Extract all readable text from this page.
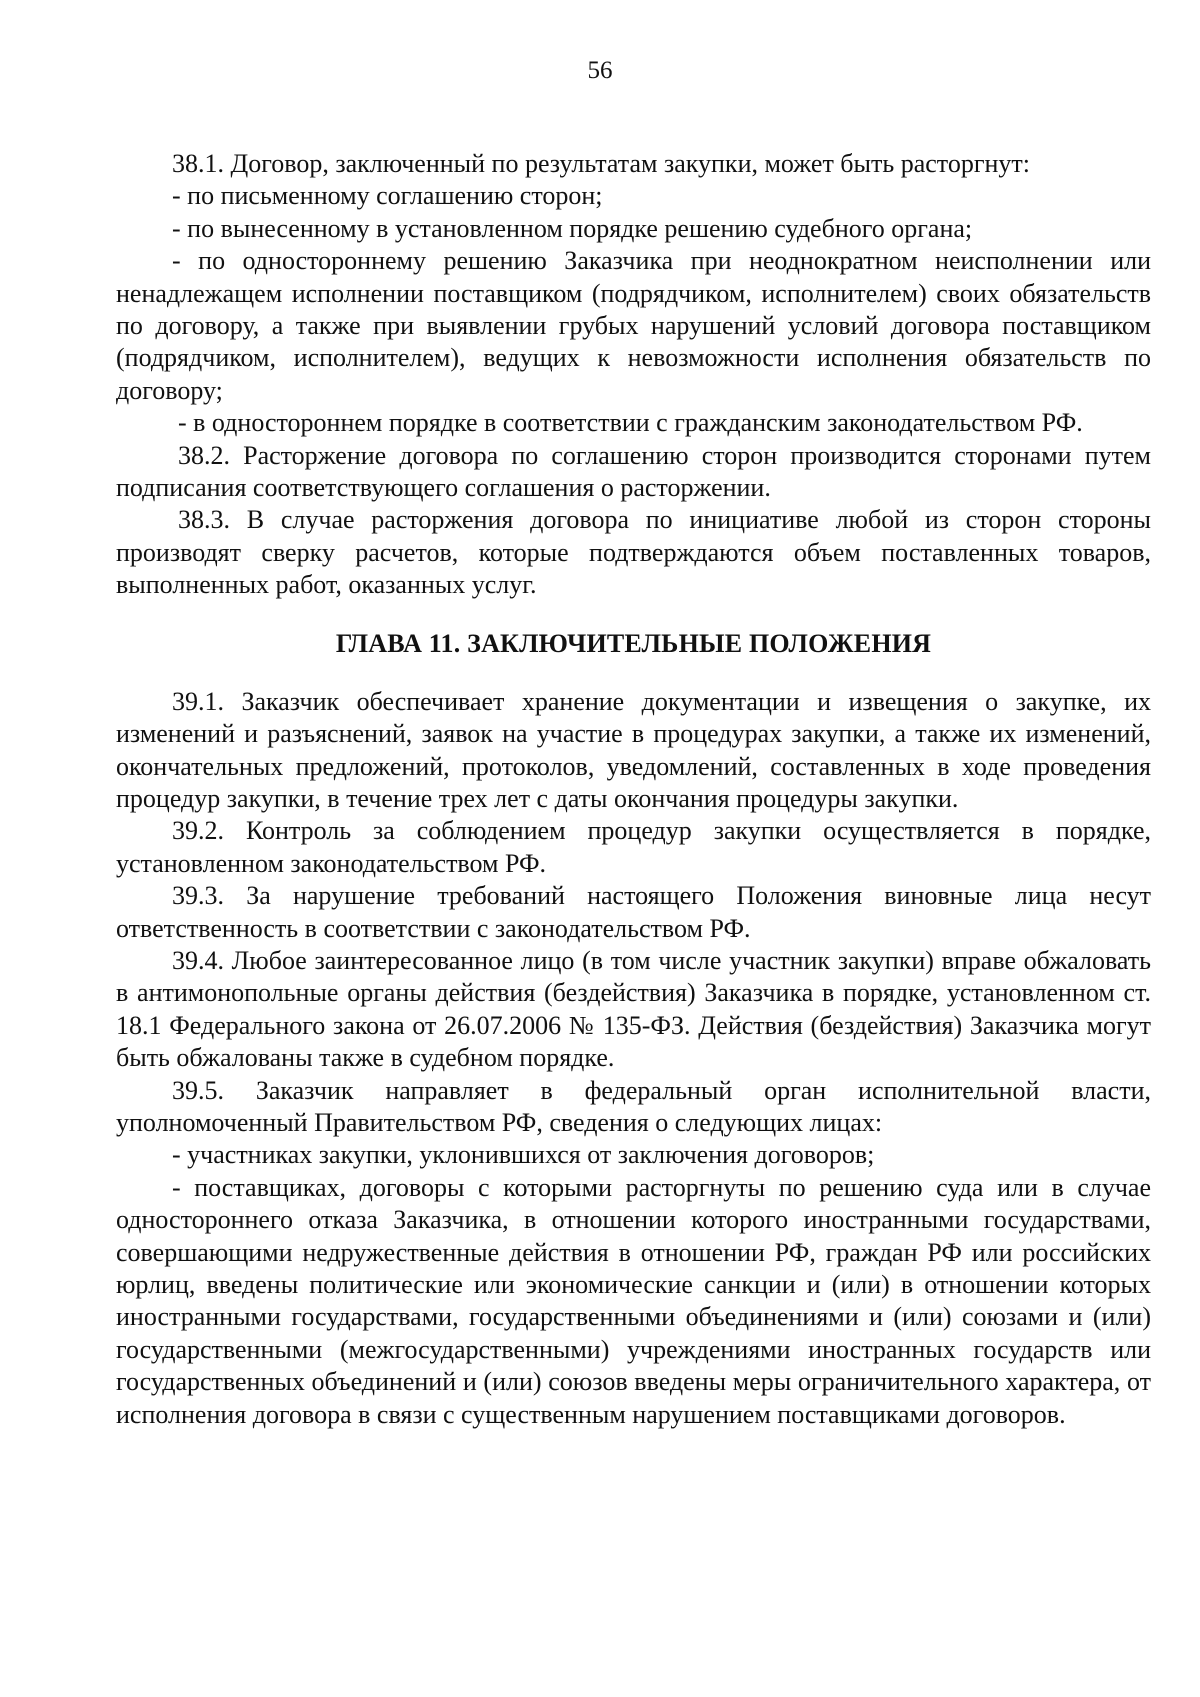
56

38.1. Договор, заключенный по результатам закупки, может быть расторгнут:

- по письменному соглашению сторон;

- по вынесенному в установленном порядке решению судебного органа;

- по одностороннему решению Заказчика при неоднократном неисполнении или ненадлежащем исполнении поставщиком (подрядчиком, исполнителем) своих обязательств по договору, а также при выявлении грубых нарушений условий договора поставщиком (подрядчиком, исполнителем), ведущих к невозможности исполнения обязательств по договору;

- в одностороннем порядке в соответствии с гражданским законодательством РФ.

38.2. Расторжение договора по соглашению сторон производится сторонами путем подписания соответствующего соглашения о расторжении.

38.3. В случае расторжения договора по инициативе любой из сторон стороны производят сверку расчетов, которые подтверждаются объем поставленных товаров, выполненных работ, оказанных услуг.

ГЛАВА 11. ЗАКЛЮЧИТЕЛЬНЫЕ ПОЛОЖЕНИЯ

39.1. Заказчик обеспечивает хранение документации и извещения о закупке, их изменений и разъяснений, заявок на участие в процедурах закупки, а также их изменений, окончательных предложений, протоколов, уведомлений, составленных в ходе проведения процедур закупки, в течение трех лет с даты окончания процедуры закупки.

39.2. Контроль за соблюдением процедур закупки осуществляется в порядке, установленном законодательством РФ.

39.3. За нарушение требований настоящего Положения виновные лица несут ответственность в соответствии с законодательством РФ.

39.4. Любое заинтересованное лицо (в том числе участник закупки) вправе обжаловать в антимонопольные органы действия (бездействия) Заказчика в порядке, установленном ст. 18.1 Федерального закона от 26.07.2006 № 135-ФЗ. Действия (бездействия) Заказчика могут быть обжалованы также в судебном порядке.

39.5. Заказчик направляет в федеральный орган исполнительной власти, уполномоченный Правительством РФ, сведения о следующих лицах:

- участниках закупки, уклонившихся от заключения договоров;

- поставщиках, договоры с которыми расторгнуты по решению суда или в случае одностороннего отказа Заказчика, в отношении которого иностранными государствами, совершающими недружественные действия в отношении РФ, граждан РФ или российских юрлиц, введены политические или экономические санкции и (или) в отношении которых иностранными государствами, государственными объединениями и (или) союзами и (или) государственными (межгосударственными) учреждениями иностранных государств или государственных объединений и (или) союзов введены меры ограничительного характера, от исполнения договора в связи с существенным нарушением поставщиками договоров.
